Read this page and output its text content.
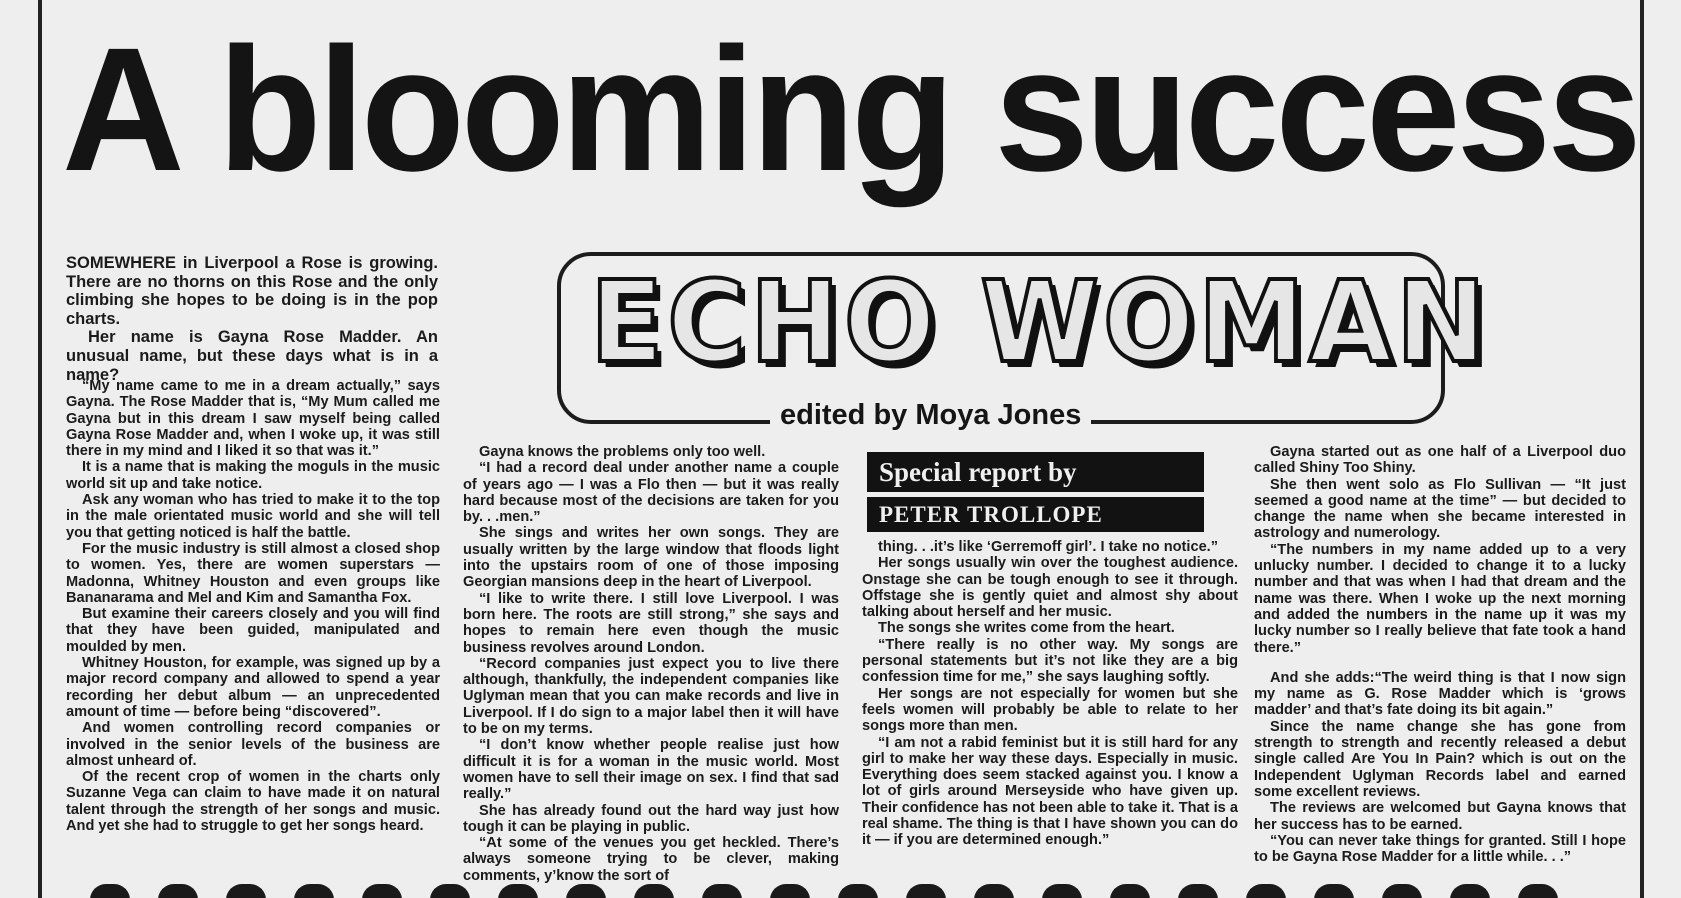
A blooming success

SOMEWHERE in Liverpool a Rose is growing. There are no thorns on this Rose and the only climbing she hopes to be doing is in the pop charts.

Her name is Gayna Rose Madder. An unusual name, but these days what is in a name?

“My name came to me in a dream actually,” says Gayna. The Rose Madder that is, “My Mum called me Gayna but in this dream I saw myself being called Gayna Rose Madder and, when I woke up, it was still there in my mind and I liked it so that was it.”

It is a name that is making the moguls in the music world sit up and take notice.

Ask any woman who has tried to make it to the top in the male orientated music world and she will tell you that getting noticed is half the battle.

For the music industry is still almost a closed shop to women. Yes, there are women superstars — Madonna, Whitney Houston and even groups like Bananarama and Mel and Kim and Samantha Fox.

But examine their careers closely and you will find that they have been guided, manipulated and moulded by men.

Whitney Houston, for example, was signed up by a major record company and allowed to spend a year recording her debut album — an unprecedented amount of time — before being “discovered”.

And women controlling record companies or involved in the senior levels of the business are almost unheard of.

Of the recent crop of women in the charts only Suzanne Vega can claim to have made it on natural talent through the strength of her songs and music. And yet she had to struggle to get her songs heard.

ECHO WOMAN
edited by Moya Jones

Gayna knows the problems only too well.

“I had a record deal under another name a couple of years ago — I was a Flo then — but it was really hard because most of the decisions are taken for you by. . .men.”

She sings and writes her own songs. They are usually written by the large window that floods light into the upstairs room of one of those imposing Georgian mansions deep in the heart of Liverpool.

“I like to write there. I still love Liverpool. I was born here. The roots are still strong,” she says and hopes to remain here even though the music business revolves around London.

“Record companies just expect you to live there although, thankfully, the independent companies like Uglyman mean that you can make records and live in Liverpool. If I do sign to a major label then it will have to be on my terms.

“I don’t know whether people realise just how difficult it is for a woman in the music world. Most women have to sell their image on sex. I find that sad really.”

She has already found out the hard way just how tough it can be playing in public.

“At some of the venues you get heckled. There’s always someone trying to be clever, making comments, y’know the sort of

Special report by
PETER TROLLOPE

thing. . .it’s like ‘Gerremoff girl’. I take no notice.”

Her songs usually win over the toughest audience. Onstage she can be tough enough to see it through. Offstage she is gently quiet and almost shy about talking about herself and her music.

The songs she writes come from the heart.

“There really is no other way. My songs are personal statements but it’s not like they are a big confession time for me,” she says laughing softly.

Her songs are not especially for women but she feels women will probably be able to relate to her songs more than men.

“I am not a rabid feminist but it is still hard for any girl to make her way these days. Especially in music. Everything does seem stacked against you. I know a lot of girls around Merseyside who have given up. Their confidence has not been able to take it. That is a real shame. The thing is that I have shown you can do it — if you are determined enough.”

Gayna started out as one half of a Liverpool duo called Shiny Too Shiny.

She then went solo as Flo Sullivan — “It just seemed a good name at the time” — but decided to change the name when she became interested in astrology and numerology.

“The numbers in my name added up to a very unlucky number. I decided to change it to a lucky number and that was when I had that dream and the name was there. When I woke up the next morning and added the numbers in the name up it was my lucky number so I really believe that fate took a hand there.”

And she adds:“The weird thing is that I now sign my name as G. Rose Madder which is ‘grows madder’ and that’s fate doing its bit again.”

Since the name change she has gone from strength to strength and recently released a debut single called Are You In Pain? which is out on the Independent Uglyman Records label and earned some excellent reviews.

The reviews are welcomed but Gayna knows that her success has to be earned.

“You can never take things for granted. Still I hope to be Gayna Rose Madder for a little while. . .”
